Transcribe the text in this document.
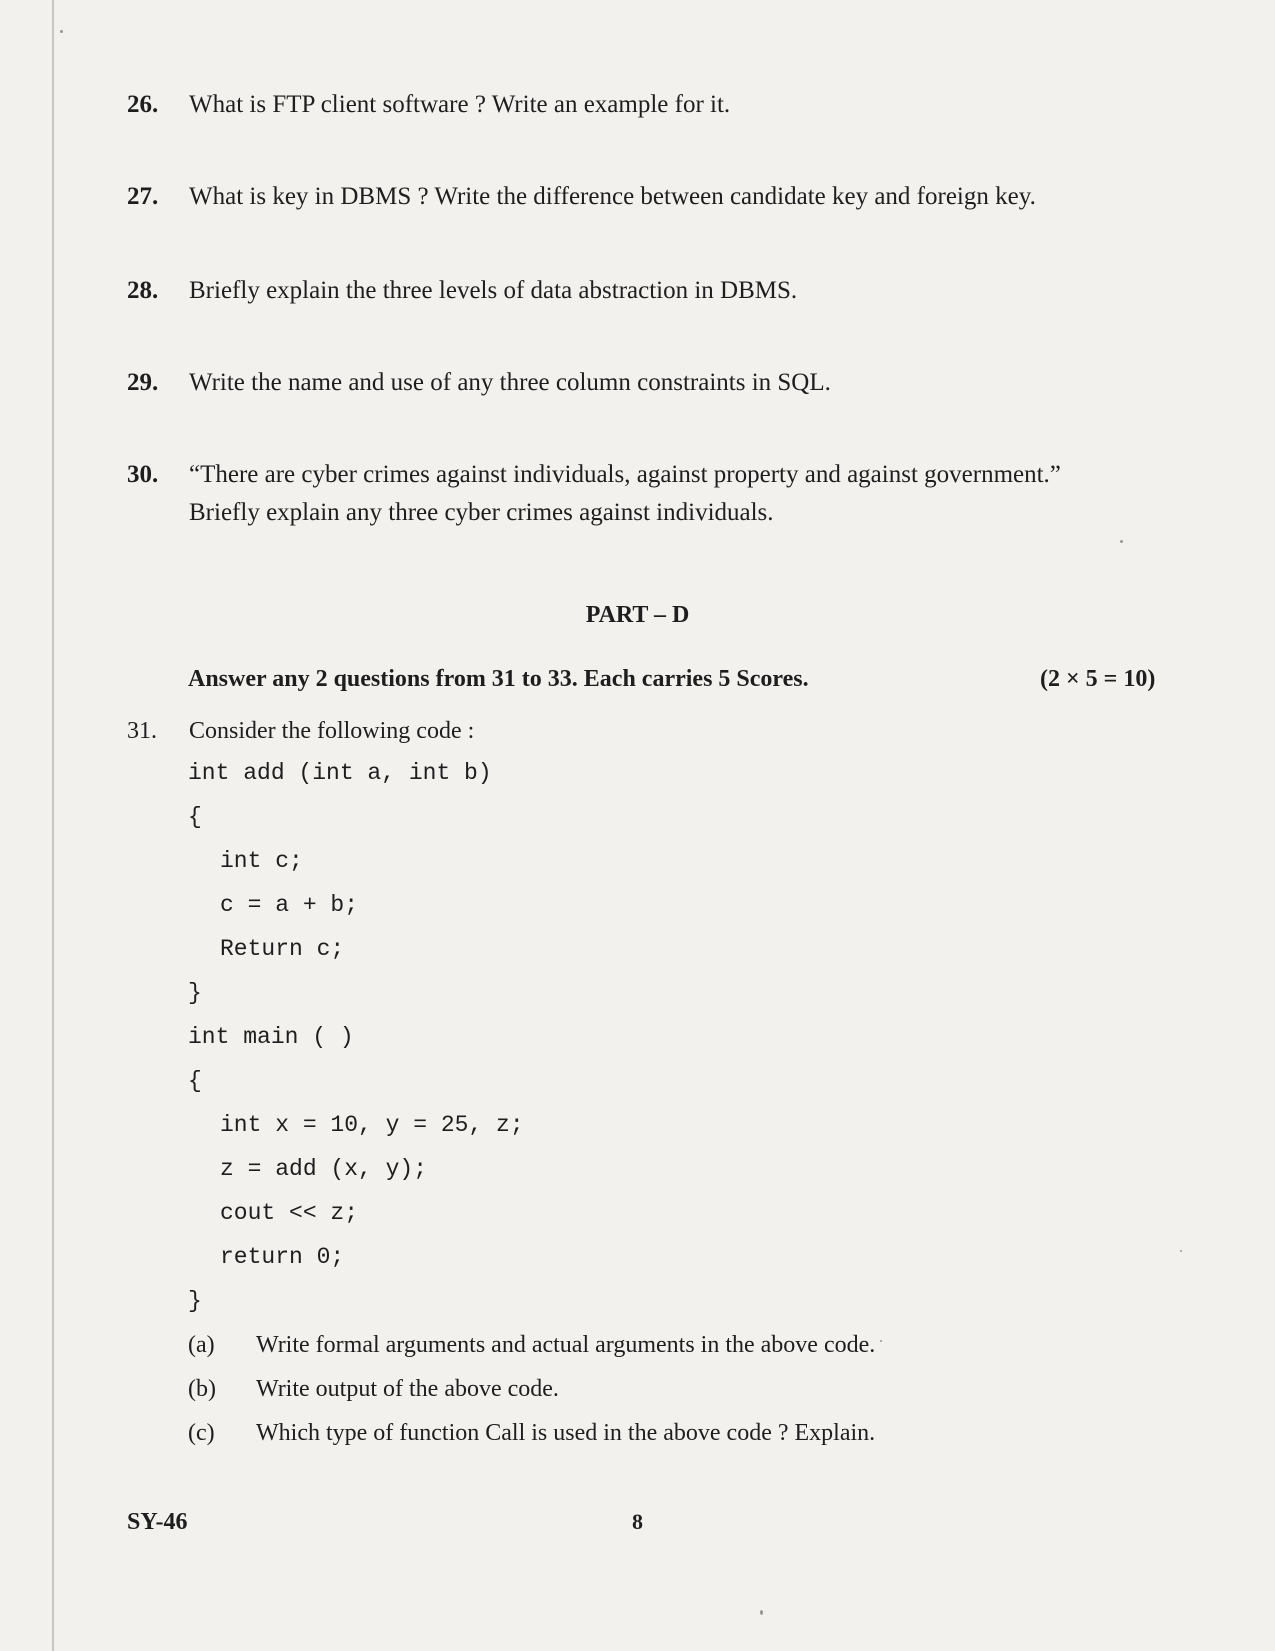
26. What is FTP client software ? Write an example for it.
27. What is key in DBMS ? Write the difference between candidate key and foreign key.
28. Briefly explain the three levels of data abstraction in DBMS.
29. Write the name and use of any three column constraints in SQL.
30. “There are cyber crimes against individuals, against property and against government.”
Briefly explain any three cyber crimes against individuals.
PART – D
Answer any 2 questions from 31 to 33. Each carries 5 Scores.	(2 × 5 = 10)
31. Consider the following code :
int add (int a, int b)
{
int c;
c = a + b;
Return c;
}
int main ( )
{
int x = 10, y = 25, z;
z = add (x, y);
cout << z;
return 0;
}
(a) Write formal arguments and actual arguments in the above code.
(b) Write output of the above code.
(c) Which type of function Call is used in the above code ? Explain.
SY-46	8
